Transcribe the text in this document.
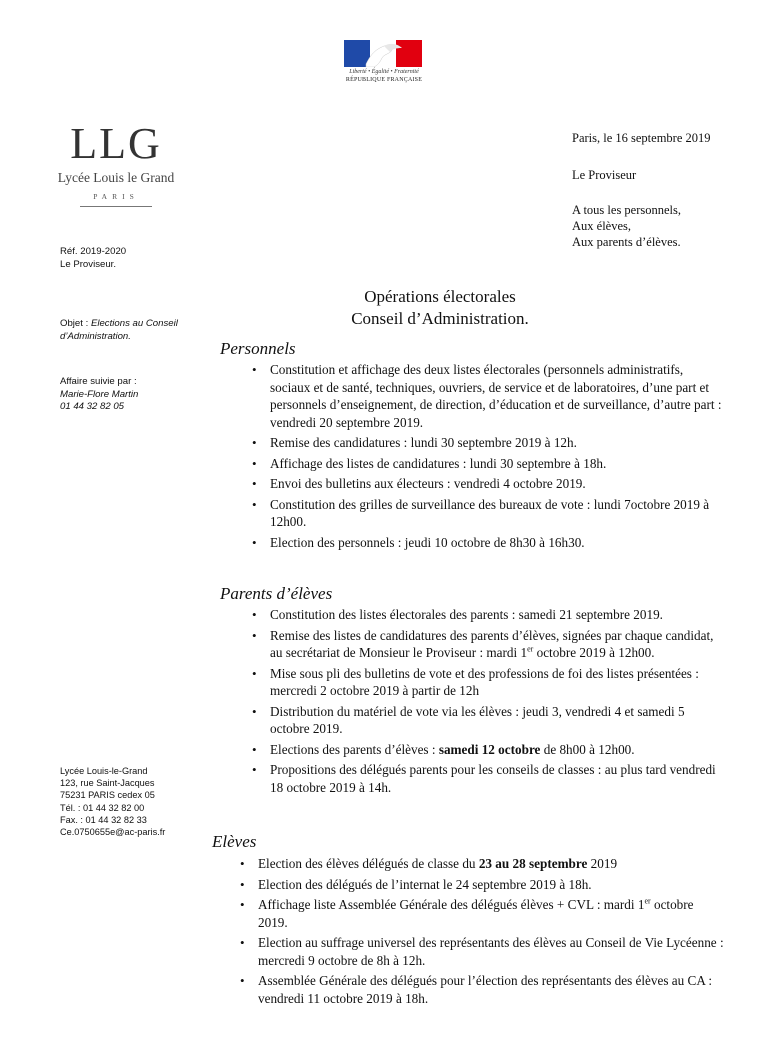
Liberté • Égalité • Fraternité
RÉPUBLIQUE FRANÇAISE
LLG
Lycée Louis le Grand
PARIS
Réf. 2019-2020
Le Proviseur.
Objet : Elections au Conseil
d’Administration.
Affaire suivie par :
Marie-Flore Martin
01 44 32 82 05
Lycée Louis-le-Grand
123, rue Saint-Jacques
75231 PARIS cedex 05
Tél. : 01 44 32 82 00
Fax. : 01 44 32 82 33
Ce.0750655e@ac-paris.fr
Paris, le 16 septembre 2019
Le Proviseur
A tous les personnels,
Aux élèves,
Aux parents d’élèves.
Opérations électorales
Conseil d’Administration.
Personnels
• Constitution et affichage des deux listes électorales (personnels administratifs, sociaux et de santé, techniques, ouvriers, de service et de laboratoires, d’une part et personnels d’enseignement, de direction, d’éducation et de surveillance, d’autre part : vendredi 20 septembre 2019.
• Remise des candidatures : lundi 30 septembre 2019 à 12h.
• Affichage des listes de candidatures : lundi 30 septembre à 18h.
• Envoi des bulletins aux électeurs : vendredi 4 octobre 2019.
• Constitution des grilles de surveillance des bureaux de vote : lundi 7octobre 2019 à 12h00.
• Election des personnels : jeudi 10 octobre de 8h30 à 16h30.
Parents d’élèves
• Constitution des listes électorales des parents : samedi 21 septembre 2019.
• Remise des listes de candidatures des parents d’élèves, signées par chaque candidat, au secrétariat de Monsieur le Proviseur : mardi 1er octobre 2019 à 12h00.
• Mise sous pli des bulletins de vote et des professions de foi des listes présentées : mercredi 2 octobre 2019 à partir de 12h
• Distribution du matériel de vote via les élèves : jeudi 3, vendredi 4 et samedi 5 octobre 2019.
• Elections des parents d’élèves : samedi 12 octobre de 8h00 à 12h00.
• Propositions des délégués parents pour les conseils de classes : au plus tard vendredi 18 octobre 2019 à 14h.
Elèves
• Election des élèves délégués de classe du 23 au 28 septembre 2019
• Election des délégués de l’internat le 24 septembre 2019 à 18h.
• Affichage liste Assemblée Générale des délégués élèves + CVL : mardi 1er octobre 2019.
• Election au suffrage universel des représentants des élèves au Conseil de Vie Lycéenne : mercredi 9 octobre de 8h à 12h.
• Assemblée Générale des délégués pour l’élection des représentants des élèves au CA : vendredi 11 octobre 2019 à 18h.
